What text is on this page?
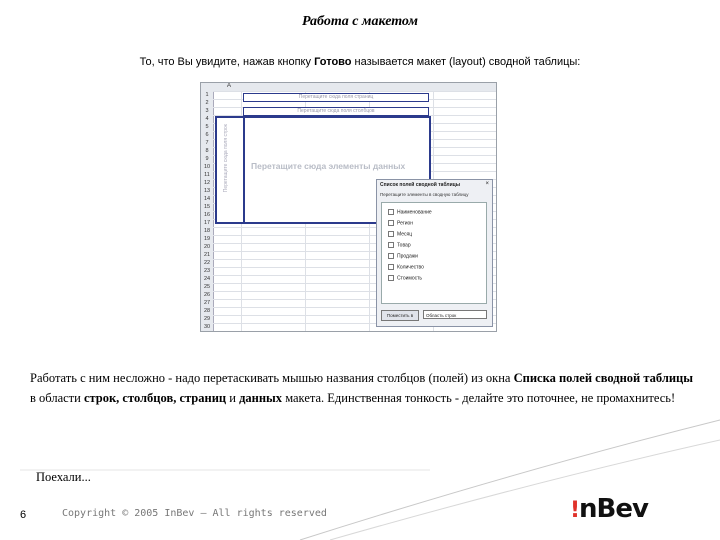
Работа с макетом
То, что Вы увидите, нажав кнопку Готово называется макет (layout) сводной таблицы:
A
1
2
3
4
5
6
7
8
9
10
11
12
13
14
15
16
17
18
19
20
21
22
23
24
25
26
27
28
29
30
Перетащите сюда поля страниц
Перетащите сюда поля столбцов
Перетащите сюда поля строк	Перетащите сюда элементы данных
Список полей сводной таблицы	×
Перетащите элементы в сводную таблицу
Наименование
Регион
Месяц
Товар
Продажи
Количество
Стоимость
Поместить в	Область строк
Работать с ним несложно - надо перетаскивать мышью названия столбцов (полей) из окна Списка полей сводной таблицы в области строк, столбцов, страниц и данных макета. Единственная тонкость - делайте это поточнее, не промахнитесь!
Поехали...
6	Copyright © 2005 InBev – All rights reserved	!nBev
